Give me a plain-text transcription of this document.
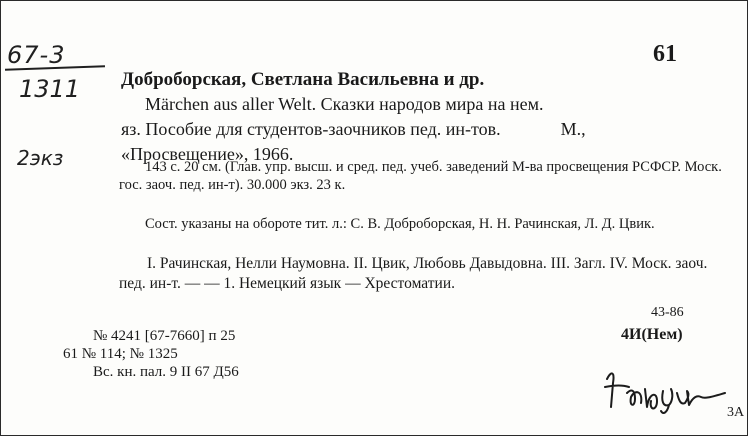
67-3
1311
2экз
61
Доброборская, Светлана Васильевна и др.
Märchen aus aller Welt. Сказки народов мира на нем.
яз. Пособие для студентов-заочников пед. ин-тов.	М.,
«Просвещение», 1966.
143 с. 20 см. (Глав. упр. высш. и сред. пед. учеб. заведений М-ва просвещения РСФСР. Моск. гос. заоч. пед. ин-т). 30.000 экз. 23 к.
Сост. указаны на обороте тит. л.: С. В. Доброборская, Н. Н. Рачинская, Л. Д. Цвик.
I. Рачинская, Нелли Наумовна. II. Цвик, Любовь Давыдовна. III. Загл. IV. Моск. заоч. пед. ин-т. — — 1. Немецкий язык — Хрестоматии.
43-86
4И(Нем)
№ 4241 [67-7660] п 25
61 № 114; № 1325
Вс. кн. пал. 9 II 67 Д56
3А
